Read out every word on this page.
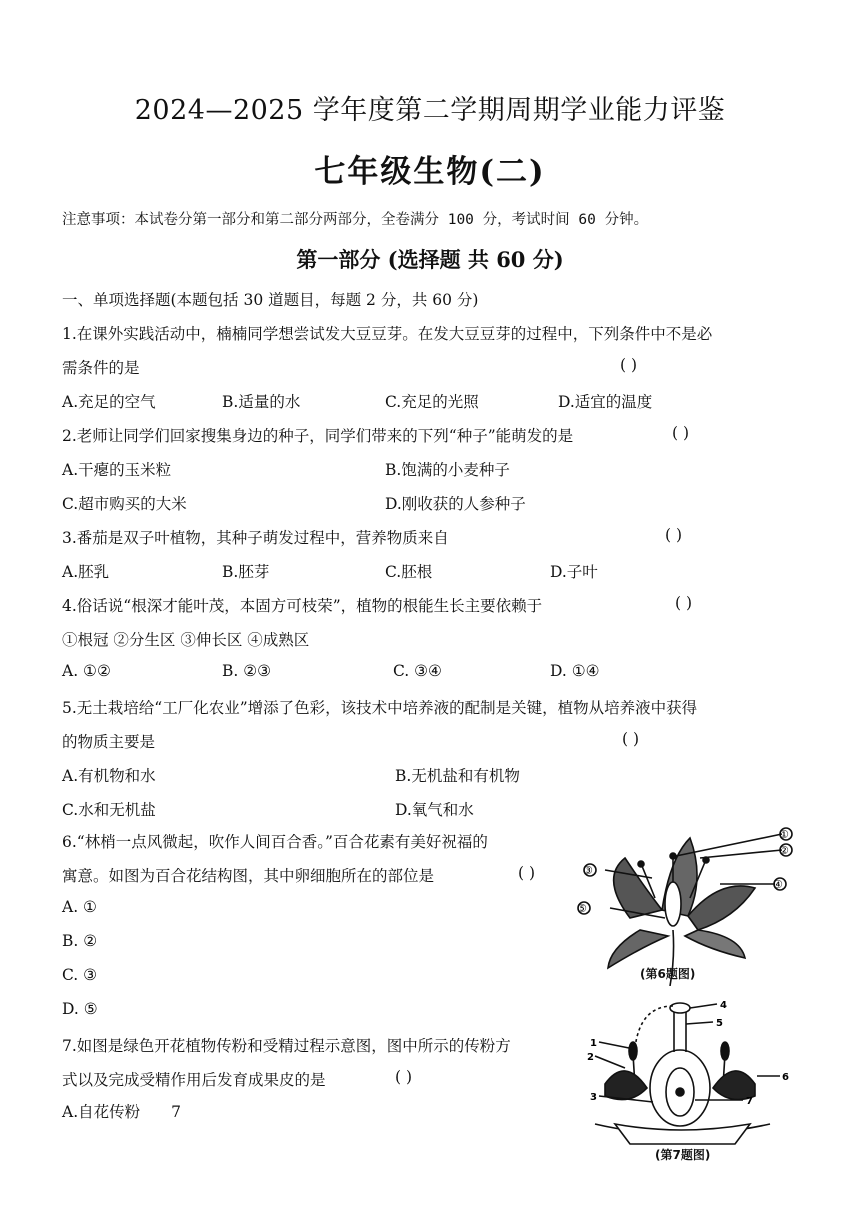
2024—2025 学年度第二学期周期学业能力评鉴
七年级生物(二)
注意事项：本试卷分第一部分和第二部分两部分，全卷满分 100 分，考试时间 60 分钟。
第一部分 (选择题 共 60 分)
一、单项选择题(本题包括 30 道题目，每题 2 分，共 60 分)
1.在课外实践活动中，楠楠同学想尝试发大豆豆芽。在发大豆豆芽的过程中，下列条件中不是必
需条件的是	( )
A.充足的空气	B.适量的水	C.充足的光照	D.适宜的温度
2.老师让同学们回家搜集身边的种子，同学们带来的下列“种子”能萌发的是	( )
A.干瘪的玉米粒	B.饱满的小麦种子
C.超市购买的大米	D.刚收获的人参种子
3.番茄是双子叶植物，其种子萌发过程中，营养物质来自	( )
A.胚乳	B.胚芽	C.胚根	D.子叶
4.俗话说“根深才能叶茂，本固方可枝荣”，植物的根能生长主要依赖于	( )
①根冠 ②分生区 ③伸长区 ④成熟区
A. ①②	B. ②③	C. ③④	D. ①④
5.无土栽培给“工厂化农业”增添了色彩，该技术中培养液的配制是关键，植物从培养液中获得
的物质主要是	( )
A.有机物和水	B.无机盐和有机物
C.水和无机盐	D.氧气和水
6.“林梢一点风微起，吹作人间百合香。”百合花素有美好祝福的
寓意。如图为百合花结构图，其中卵细胞所在的部位是	( )
A. ①
B. ②
C. ③
D. ⑤
7.如图是绿色开花植物传粉和受精过程示意图，图中所示的传粉方
式以及完成受精作用后发育成果皮的是	( )
A.自花传粉　　7
①
②
③
④
⑤
(第6题图)
4
5
1
2
3
6
7
(第7题图)
